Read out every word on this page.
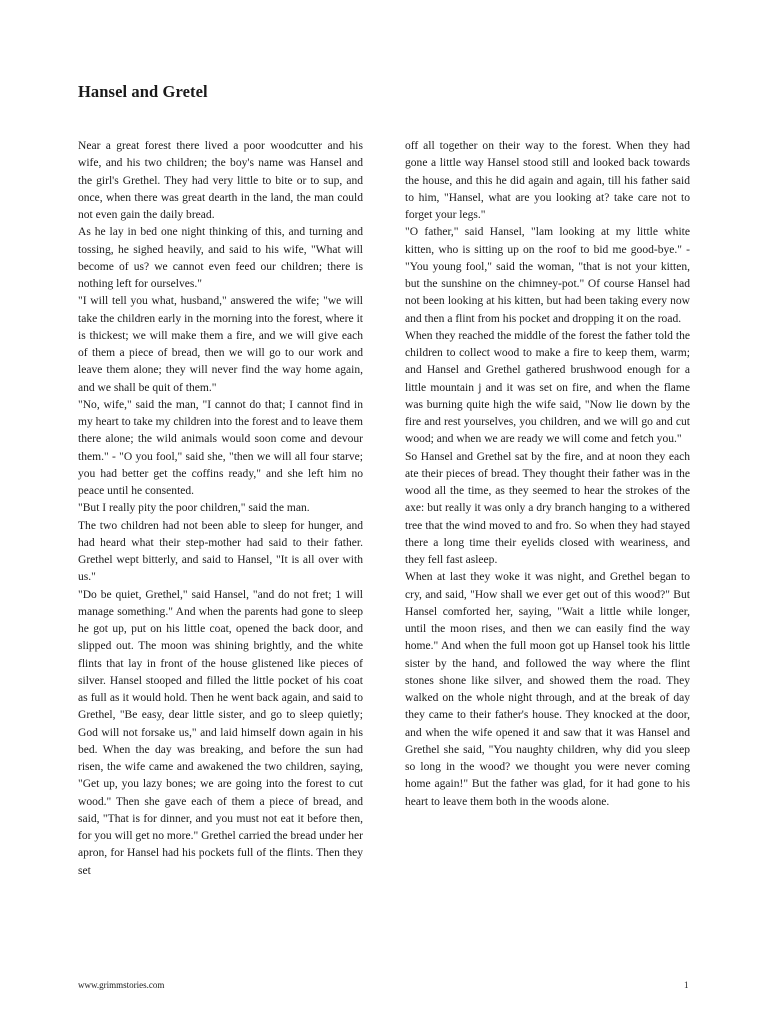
Hansel and Gretel

Near a great forest there lived a poor woodcutter and his wife, and his two children; the boy's name was Hansel and the girl's Grethel. They had very little to bite or to sup, and once, when there was great dearth in the land, the man could not even gain the daily bread.

As he lay in bed one night thinking of this, and turning and tossing, he sighed heavily, and said to his wife, "What will become of us? we cannot even feed our children; there is nothing left for ourselves."

"I will tell you what, husband," answered the wife; "we will take the children early in the morning into the forest, where it is thickest; we will make them a fire, and we will give each of them a piece of bread, then we will go to our work and leave them alone; they will never find the way home again, and we shall be quit of them."

"No, wife," said the man, "I cannot do that; I cannot find in my heart to take my children into the forest and to leave them there alone; the wild animals would soon come and devour them." - "O you fool," said she, "then we will all four starve; you had better get the coffins ready," and she left him no peace until he consented.

"But I really pity the poor children," said the man.

The two children had not been able to sleep for hunger, and had heard what their step-mother had said to their father. Grethel wept bitterly, and said to Hansel, "It is all over with us."

"Do be quiet, Grethel," said Hansel, "and do not fret; 1 will manage something." And when the parents had gone to sleep he got up, put on his little coat, opened the back door, and slipped out. The moon was shining brightly, and the white flints that lay in front of the house glistened like pieces of silver. Hansel stooped and filled the little pocket of his coat as full as it would hold. Then he went back again, and said to Grethel, "Be easy, dear little sister, and go to sleep quietly; God will not forsake us," and laid himself down again in his bed. When the day was breaking, and before the sun had risen, the wife came and awakened the two children, saying, "Get up, you lazy bones; we are going into the forest to cut wood." Then she gave each of them a piece of bread, and said, "That is for dinner, and you must not eat it before then, for you will get no more." Grethel carried the bread under her apron, for Hansel had his pockets full of the flints. Then they set

off all together on their way to the forest. When they had gone a little way Hansel stood still and looked back towards the house, and this he did again and again, till his father said to him, "Hansel, what are you looking at? take care not to forget your legs."

"O father," said Hansel, "lam looking at my little white kitten, who is sitting up on the roof to bid me good-bye." - "You young fool," said the woman, "that is not your kitten, but the sunshine on the chimney-pot." Of course Hansel had not been looking at his kitten, but had been taking every now and then a flint from his pocket and dropping it on the road.

When they reached the middle of the forest the father told the children to collect wood to make a fire to keep them, warm; and Hansel and Grethel gathered brushwood enough for a little mountain j and it was set on fire, and when the flame was burning quite high the wife said, "Now lie down by the fire and rest yourselves, you children, and we will go and cut wood; and when we are ready we will come and fetch you."

So Hansel and Grethel sat by the fire, and at noon they each ate their pieces of bread. They thought their father was in the wood all the time, as they seemed to hear the strokes of the axe: but really it was only a dry branch hanging to a withered tree that the wind moved to and fro. So when they had stayed there a long time their eyelids closed with weariness, and they fell fast asleep.

When at last they woke it was night, and Grethel began to cry, and said, "How shall we ever get out of this wood?" But Hansel comforted her, saying, "Wait a little while longer, until the moon rises, and then we can easily find the way home." And when the full moon got up Hansel took his little sister by the hand, and followed the way where the flint stones shone like silver, and showed them the road. They walked on the whole night through, and at the break of day they came to their father's house. They knocked at the door, and when the wife opened it and saw that it was Hansel and Grethel she said, "You naughty children, why did you sleep so long in the wood? we thought you were never coming home again!" But the father was glad, for it had gone to his heart to leave them both in the woods alone.

www.grimmstories.com	1
